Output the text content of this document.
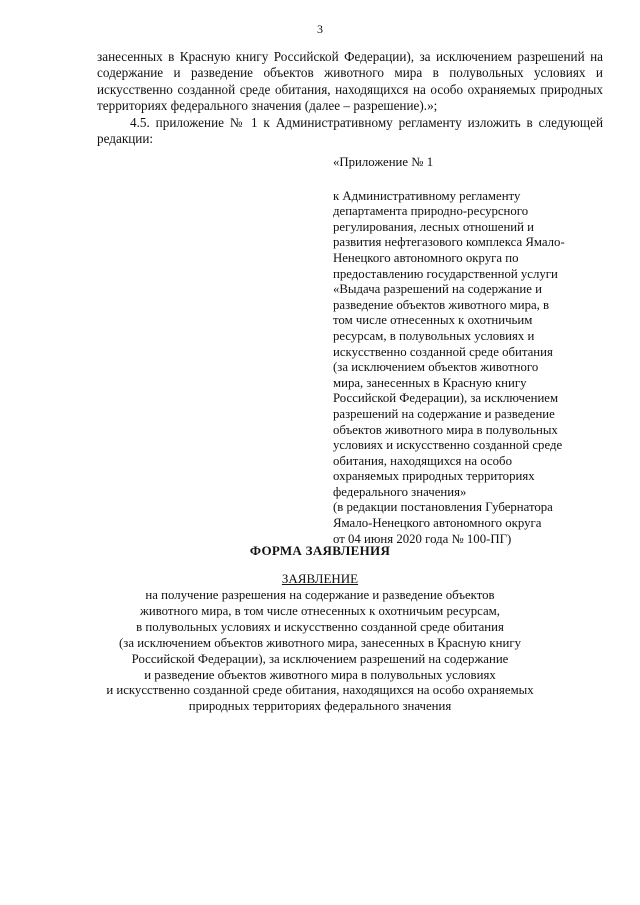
3

занесенных в Красную книгу Российской Федерации), за исключением разрешений на содержание и разведение объектов животного мира в полувольных условиях и искусственно созданной среде обитания, находящихся на особо охраняемых природных территориях федерального значения (далее – разрешение).»;

4.5. приложение № 1 к Административному регламенту изложить в следующей редакции:

«Приложение № 1
к Административному регламенту
департамента природно-ресурсного
регулирования, лесных отношений и
развития нефтегазового комплекса Ямало-
Ненецкого автономного округа по
предоставлению государственной услуги
«Выдача разрешений на содержание и
разведение объектов животного мира, в
том числе отнесенных к охотничьим
ресурсам, в полувольных условиях и
искусственно созданной среде обитания
(за исключением объектов животного
мира, занесенных в Красную книгу
Российской Федерации), за исключением
разрешений на содержание и разведение
объектов животного мира в полувольных
условиях и искусственно созданной среде
обитания, находящихся на особо
охраняемых природных территориях
федерального значения»
(в редакции постановления Губернатора
Ямало-Ненецкого автономного округа
от 04 июня 2020 года № 100-ПГ)
ФОРМА ЗАЯВЛЕНИЯ
ЗАЯВЛЕНИЕ
на получение разрешения на содержание и разведение объектов
животного мира, в том числе отнесенных к охотничьим ресурсам,
в полувольных условиях и искусственно созданной среде обитания
(за исключением объектов животного мира, занесенных в Красную книгу
Российской Федерации), за исключением разрешений на содержание
и разведение объектов животного мира в полувольных условиях
и искусственно созданной среде обитания, находящихся на особо охраняемых
природных территориях федерального значения
